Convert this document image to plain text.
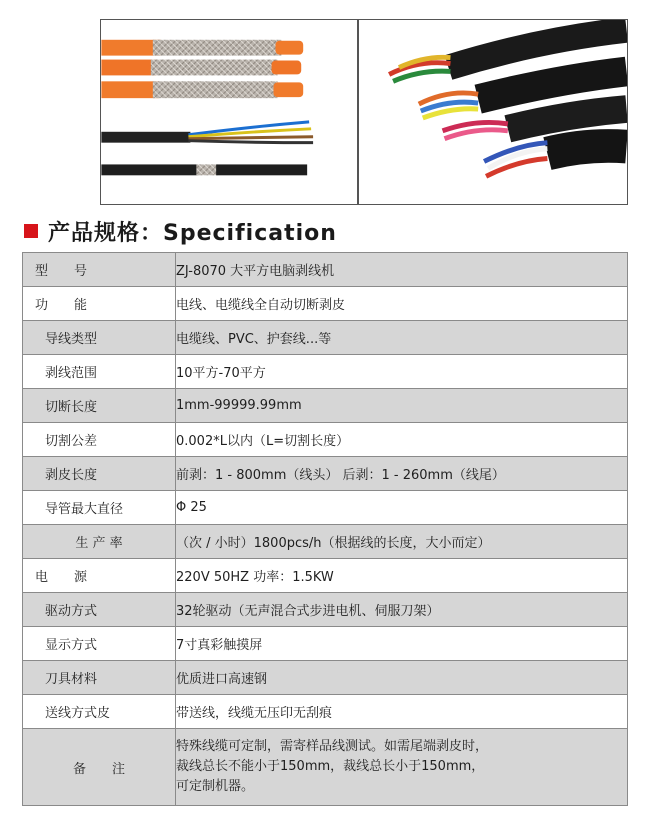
产品规格：Specification
型　　号	ZJ-8070 大平方电脑剥线机
功　　能	电线、电缆线全自动切断剥皮
导线类型	电缆线、PVC、护套线...等
剥线范围	10平方-70平方
切断长度	1mm-99999.99mm
切割公差	0.002*L以内（L=切割长度）
剥皮长度	前剥：1 - 800mm（线头） 后剥：1 - 260mm（线尾）
导管最大直径	Φ 25
生 产 率	（次 / 小时）1800pcs/h（根据线的长度，大小而定）
电　　源	220V 50HZ 功率：1.5KW
驱动方式	32轮驱动（无声混合式步进电机、伺服刀架）
显示方式	7寸真彩触摸屏
刀具材料	优质进口高速钢
送线方式皮	带送线，线缆无压印无刮痕
备　　注	特殊线缆可定制，需寄样品线测试。如需尾端剥皮时，
裁线总长不能小于150mm，裁线总长小于150mm，
可定制机器。
